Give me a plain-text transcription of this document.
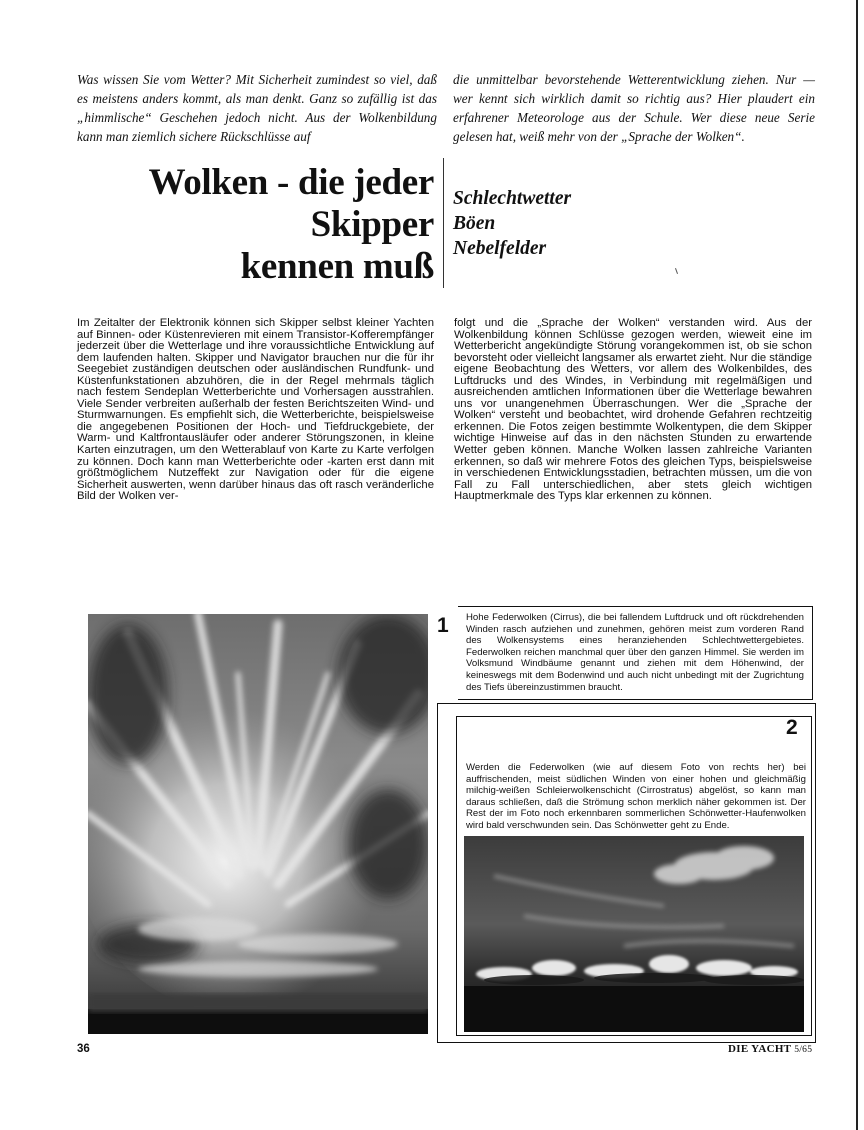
Was wissen Sie vom Wetter? Mit Sicherheit zumindest so viel, daß es meistens anders kommt, als man denkt. Ganz so zufällig ist das „himmlische“ Geschehen jedoch nicht. Aus der Wolkenbildung kann man ziemlich sichere Rückschlüsse auf
die unmittelbar bevorstehende Wetterentwicklung ziehen. Nur — wer kennt sich wirklich damit so richtig aus? Hier plaudert ein erfahrener Meteorologe aus der Schule. Wer diese neue Serie gelesen hat, weiß mehr von der „Sprache der Wolken“.
Wolken - die jeder
Skipper
kennen muß
Schlechtwetter
Böen
Nebelfelder
Im Zeitalter der Elektronik können sich Skipper selbst kleiner Yachten auf Binnen- oder Küstenrevieren mit einem Transistor-Kofferempfänger jederzeit über die Wetterlage und ihre voraussichtliche Entwicklung auf dem laufenden halten. Skipper und Navigator brauchen nur die für ihr Seegebiet zuständigen deutschen oder ausländischen Rundfunk- und Küstenfunkstationen abzuhören, die in der Regel mehrmals täglich nach festem Sendeplan Wetterberichte und Vorhersagen ausstrahlen. Viele Sender verbreiten außerhalb der festen Berichtszeiten Wind- und Sturmwarnungen. Es empfiehlt sich, die Wetterberichte, beispielsweise die angegebenen Positionen der Hoch- und Tiefdruckgebiete, der Warm- und Kaltfrontausläufer oder anderer Störungszonen, in kleine Karten einzutragen, um den Wetterablauf von Karte zu Karte verfolgen zu können. Doch kann man Wetterberichte oder -karten erst dann mit größtmöglichem Nutzeffekt zur Navigation oder für die eigene Sicherheit auswerten, wenn darüber hinaus das oft rasch veränderliche Bild der Wolken ver-
folgt und die „Sprache der Wolken“ verstanden wird. Aus der Wolkenbildung können Schlüsse gezogen werden, wieweit eine im Wetterbericht angekündigte Störung vorangekommen ist, ob sie schon bevorsteht oder vielleicht langsamer als erwartet zieht. Nur die ständige eigene Beobachtung des Wetters, vor allem des Wolkenbildes, des Luftdrucks und des Windes, in Verbindung mit regelmäßigen und ausreichenden amtlichen Informationen über die Wetterlage bewahren uns vor unangenehmen Überraschungen. Wer die „Sprache der Wolken“ versteht und beobachtet, wird drohende Gefahren rechtzeitig erkennen. Die Fotos zeigen bestimmte Wolkentypen, die dem Skipper wichtige Hinweise auf das in den nächsten Stunden zu erwartende Wetter geben können. Manche Wolken lassen zahlreiche Varianten erkennen, so daß wir mehrere Fotos des gleichen Typs, beispielsweise in verschiedenen Entwicklungsstadien, betrachten müssen, um die von Fall zu Fall unterschiedlichen, aber stets gleich wichtigen Hauptmerkmale des Typs klar erkennen zu können.
1 Hohe Federwolken (Cirrus), die bei fallendem Luftdruck und oft rückdrehenden Winden rasch aufziehen und zunehmen, gehören meist zum vorderen Rand des Wolkensystems eines heranziehenden Schlechtwettergebietes. Federwolken reichen manchmal quer über den ganzen Himmel. Sie werden im Volksmund Windbäume genannt und ziehen mit dem Höhenwind, der keineswegs mit dem Bodenwind und auch nicht unbedingt mit der Zugrichtung des Tiefs übereinzustimmen braucht.
2
Werden die Federwolken (wie auf diesem Foto von rechts her) bei auffrischenden, meist südlichen Winden von einer hohen und gleichmäßig milchig-weißen Schleierwolkenschicht (Cirrostratus) abgelöst, so kann man daraus schließen, daß die Strömung schon merklich näher gekommen ist. Der Rest der im Foto noch erkennbaren sommerlichen Schönwetter-Haufenwolken wird bald verschwunden sein. Das Schönwetter geht zu Ende.
36	DIE YACHT 5/65
